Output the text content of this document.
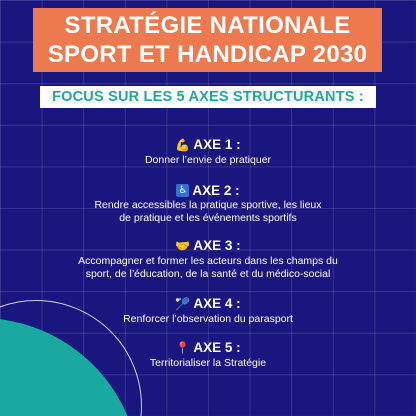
STRATÉGIE NATIONALE
SPORT ET HANDICAP 2030
FOCUS SUR LES 5 AXES STRUCTURANTS :
💪 AXE 1 :
Donner l’envie de pratiquer
♿ AXE 2 :
Rendre accessibles la pratique sportive, les lieux
de pratique et les événements sportifs
🤝 AXE 3 :
Accompagner et former les acteurs dans les champs du
sport, de l’éducation, de la santé et du médico-social
🏸 AXE 4 :
Renforcer l’observation du parasport
📍 AXE 5 :
Territorialiser la Stratégie
